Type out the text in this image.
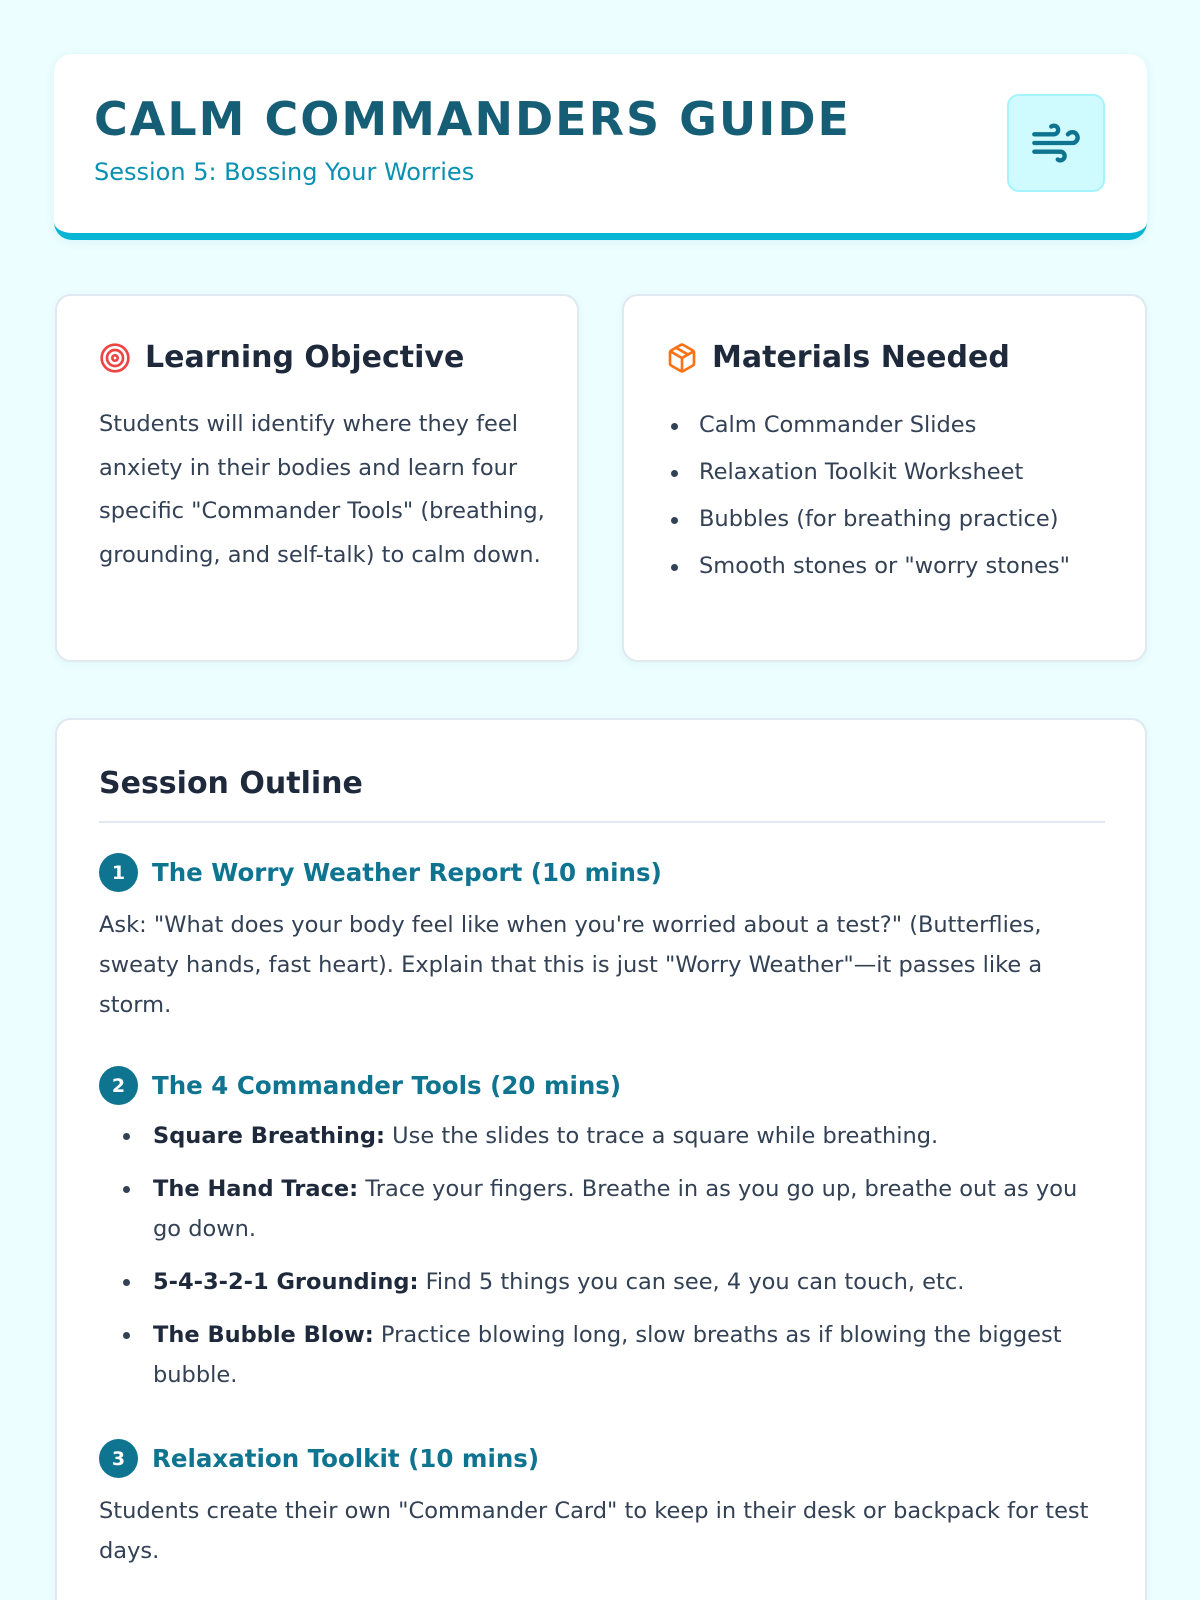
CALM COMMANDERS GUIDE
Session 5: Bossing Your Worries
Learning Objective
Students will identify where they feel anxiety in their bodies and learn four specific "Commander Tools" (breathing, grounding, and self-talk) to calm down.
Materials Needed
Calm Commander Slides
Relaxation Toolkit Worksheet
Bubbles (for breathing practice)
Smooth stones or "worry stones"
Session Outline
1	The Worry Weather Report (10 mins)
Ask: "What does your body feel like when you're worried about a test?" (Butterflies, sweaty hands, fast heart). Explain that this is just "Worry Weather"—it passes like a storm.
2	The 4 Commander Tools (20 mins)
Square Breathing: Use the slides to trace a square while breathing.
The Hand Trace: Trace your fingers. Breathe in as you go up, breathe out as you go down.
5-4-3-2-1 Grounding: Find 5 things you can see, 4 you can touch, etc.
The Bubble Blow: Practice blowing long, slow breaths as if blowing the biggest bubble.
3	Relaxation Toolkit (10 mins)
Students create their own "Commander Card" to keep in their desk or backpack for test days.
